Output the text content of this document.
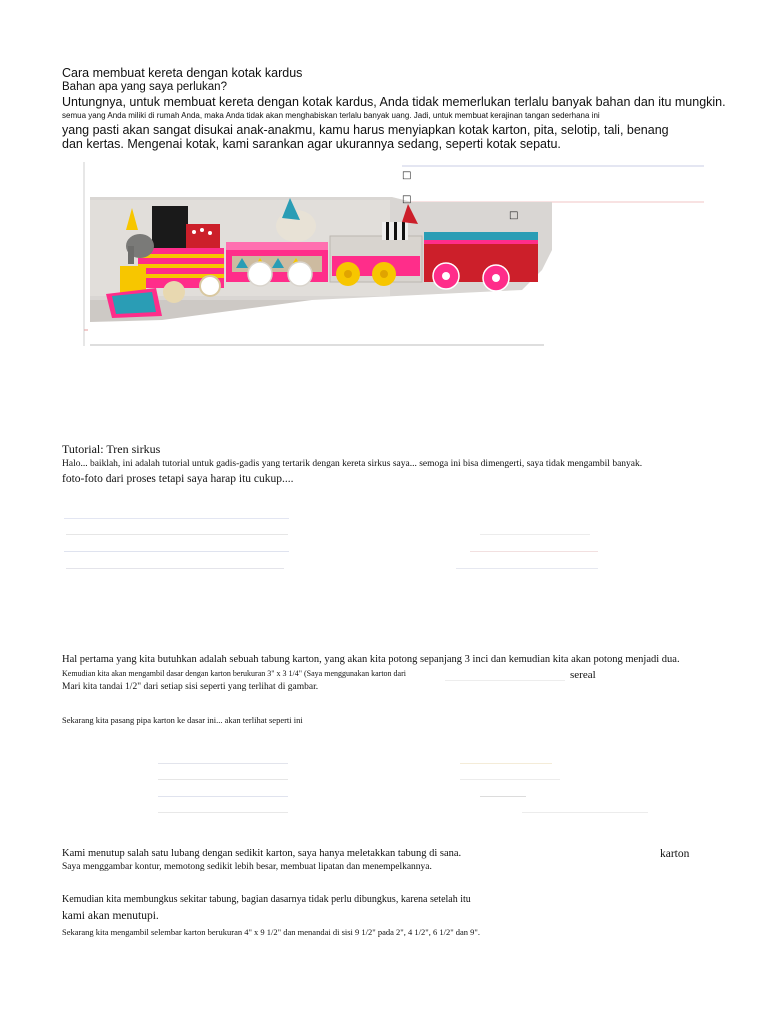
Cara membuat kereta dengan kotak kardus
Bahan apa yang saya perlukan?
Untungnya, untuk membuat kereta dengan kotak kardus, Anda tidak memerlukan terlalu banyak bahan dan itu mungkin.
semua yang Anda miliki di rumah Anda, maka Anda tidak akan menghabiskan terlalu banyak uang. Jadi, untuk membuat kerajinan tangan sederhana ini
yang pasti akan sangat disukai anak-anakmu, kamu harus menyiapkan kotak karton, pita, selotip, tali, benang
dan kertas. Mengenai kotak, kami sarankan agar ukurannya sedang, seperti kotak sepatu.
□
□
□
Tutorial: Tren sirkus
Halo... baiklah, ini adalah tutorial untuk gadis-gadis yang tertarik dengan kereta sirkus saya... semoga ini bisa dimengerti, saya tidak mengambil banyak.
foto-foto dari proses tetapi saya harap itu cukup....
Hal pertama yang kita butuhkan adalah sebuah tabung karton, yang akan kita potong sepanjang 3 inci dan kemudian kita akan potong menjadi dua.
Kemudian kita akan mengambil dasar dengan karton berukuran 3" x 3 1/4" (Saya menggunakan karton dari	sereal
Mari kita tandai 1/2" dari setiap sisi seperti yang terlihat di gambar.
Sekarang kita pasang pipa karton ke dasar ini... akan terlihat seperti ini
Kami menutup salah satu lubang dengan sedikit karton, saya hanya meletakkan tabung di sana.	karton
Saya menggambar kontur, memotong sedikit lebih besar, membuat lipatan dan menempelkannya.
Kemudian kita membungkus sekitar tabung, bagian dasarnya tidak perlu dibungkus, karena setelah itu
kami akan menutupi.
Sekarang kita mengambil selembar karton berukuran 4" x 9 1/2" dan menandai di sisi 9 1/2" pada 2", 4 1/2", 6 1/2" dan 9".
